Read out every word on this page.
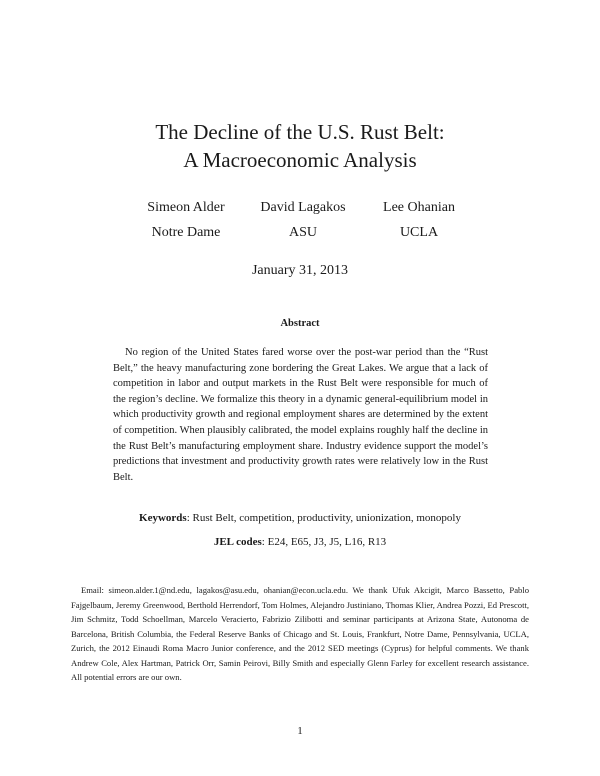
The Decline of the U.S. Rust Belt:
A Macroeconomic Analysis
Simeon Alder
Notre Dame
David Lagakos
ASU
Lee Ohanian
UCLA
January 31, 2013
Abstract
No region of the United States fared worse over the post-war period than the “Rust Belt,” the heavy manufacturing zone bordering the Great Lakes. We argue that a lack of competition in labor and output markets in the Rust Belt were responsible for much of the region’s decline. We formalize this theory in a dynamic general-equilibrium model in which productivity growth and regional employment shares are determined by the extent of competition. When plausibly calibrated, the model explains roughly half the decline in the Rust Belt’s manufacturing employment share. Industry evidence support the model’s predictions that investment and productivity growth rates were relatively low in the Rust Belt.
Keywords: Rust Belt, competition, productivity, unionization, monopoly
JEL codes: E24, E65, J3, J5, L16, R13
Email: simeon.alder.1@nd.edu, lagakos@asu.edu, ohanian@econ.ucla.edu. We thank Ufuk Akcigit, Marco Bassetto, Pablo Fajgelbaum, Jeremy Greenwood, Berthold Herrendorf, Tom Holmes, Alejandro Justiniano, Thomas Klier, Andrea Pozzi, Ed Prescott, Jim Schmitz, Todd Schoellman, Marcelo Veracierto, Fabrizio Zilibotti and seminar participants at Arizona State, Autonoma de Barcelona, British Columbia, the Federal Reserve Banks of Chicago and St. Louis, Frankfurt, Notre Dame, Pennsylvania, UCLA, Zurich, the 2012 Einaudi Roma Macro Junior conference, and the 2012 SED meetings (Cyprus) for helpful comments. We thank Andrew Cole, Alex Hartman, Patrick Orr, Samin Peirovi, Billy Smith and especially Glenn Farley for excellent research assistance. All potential errors are our own.
1
